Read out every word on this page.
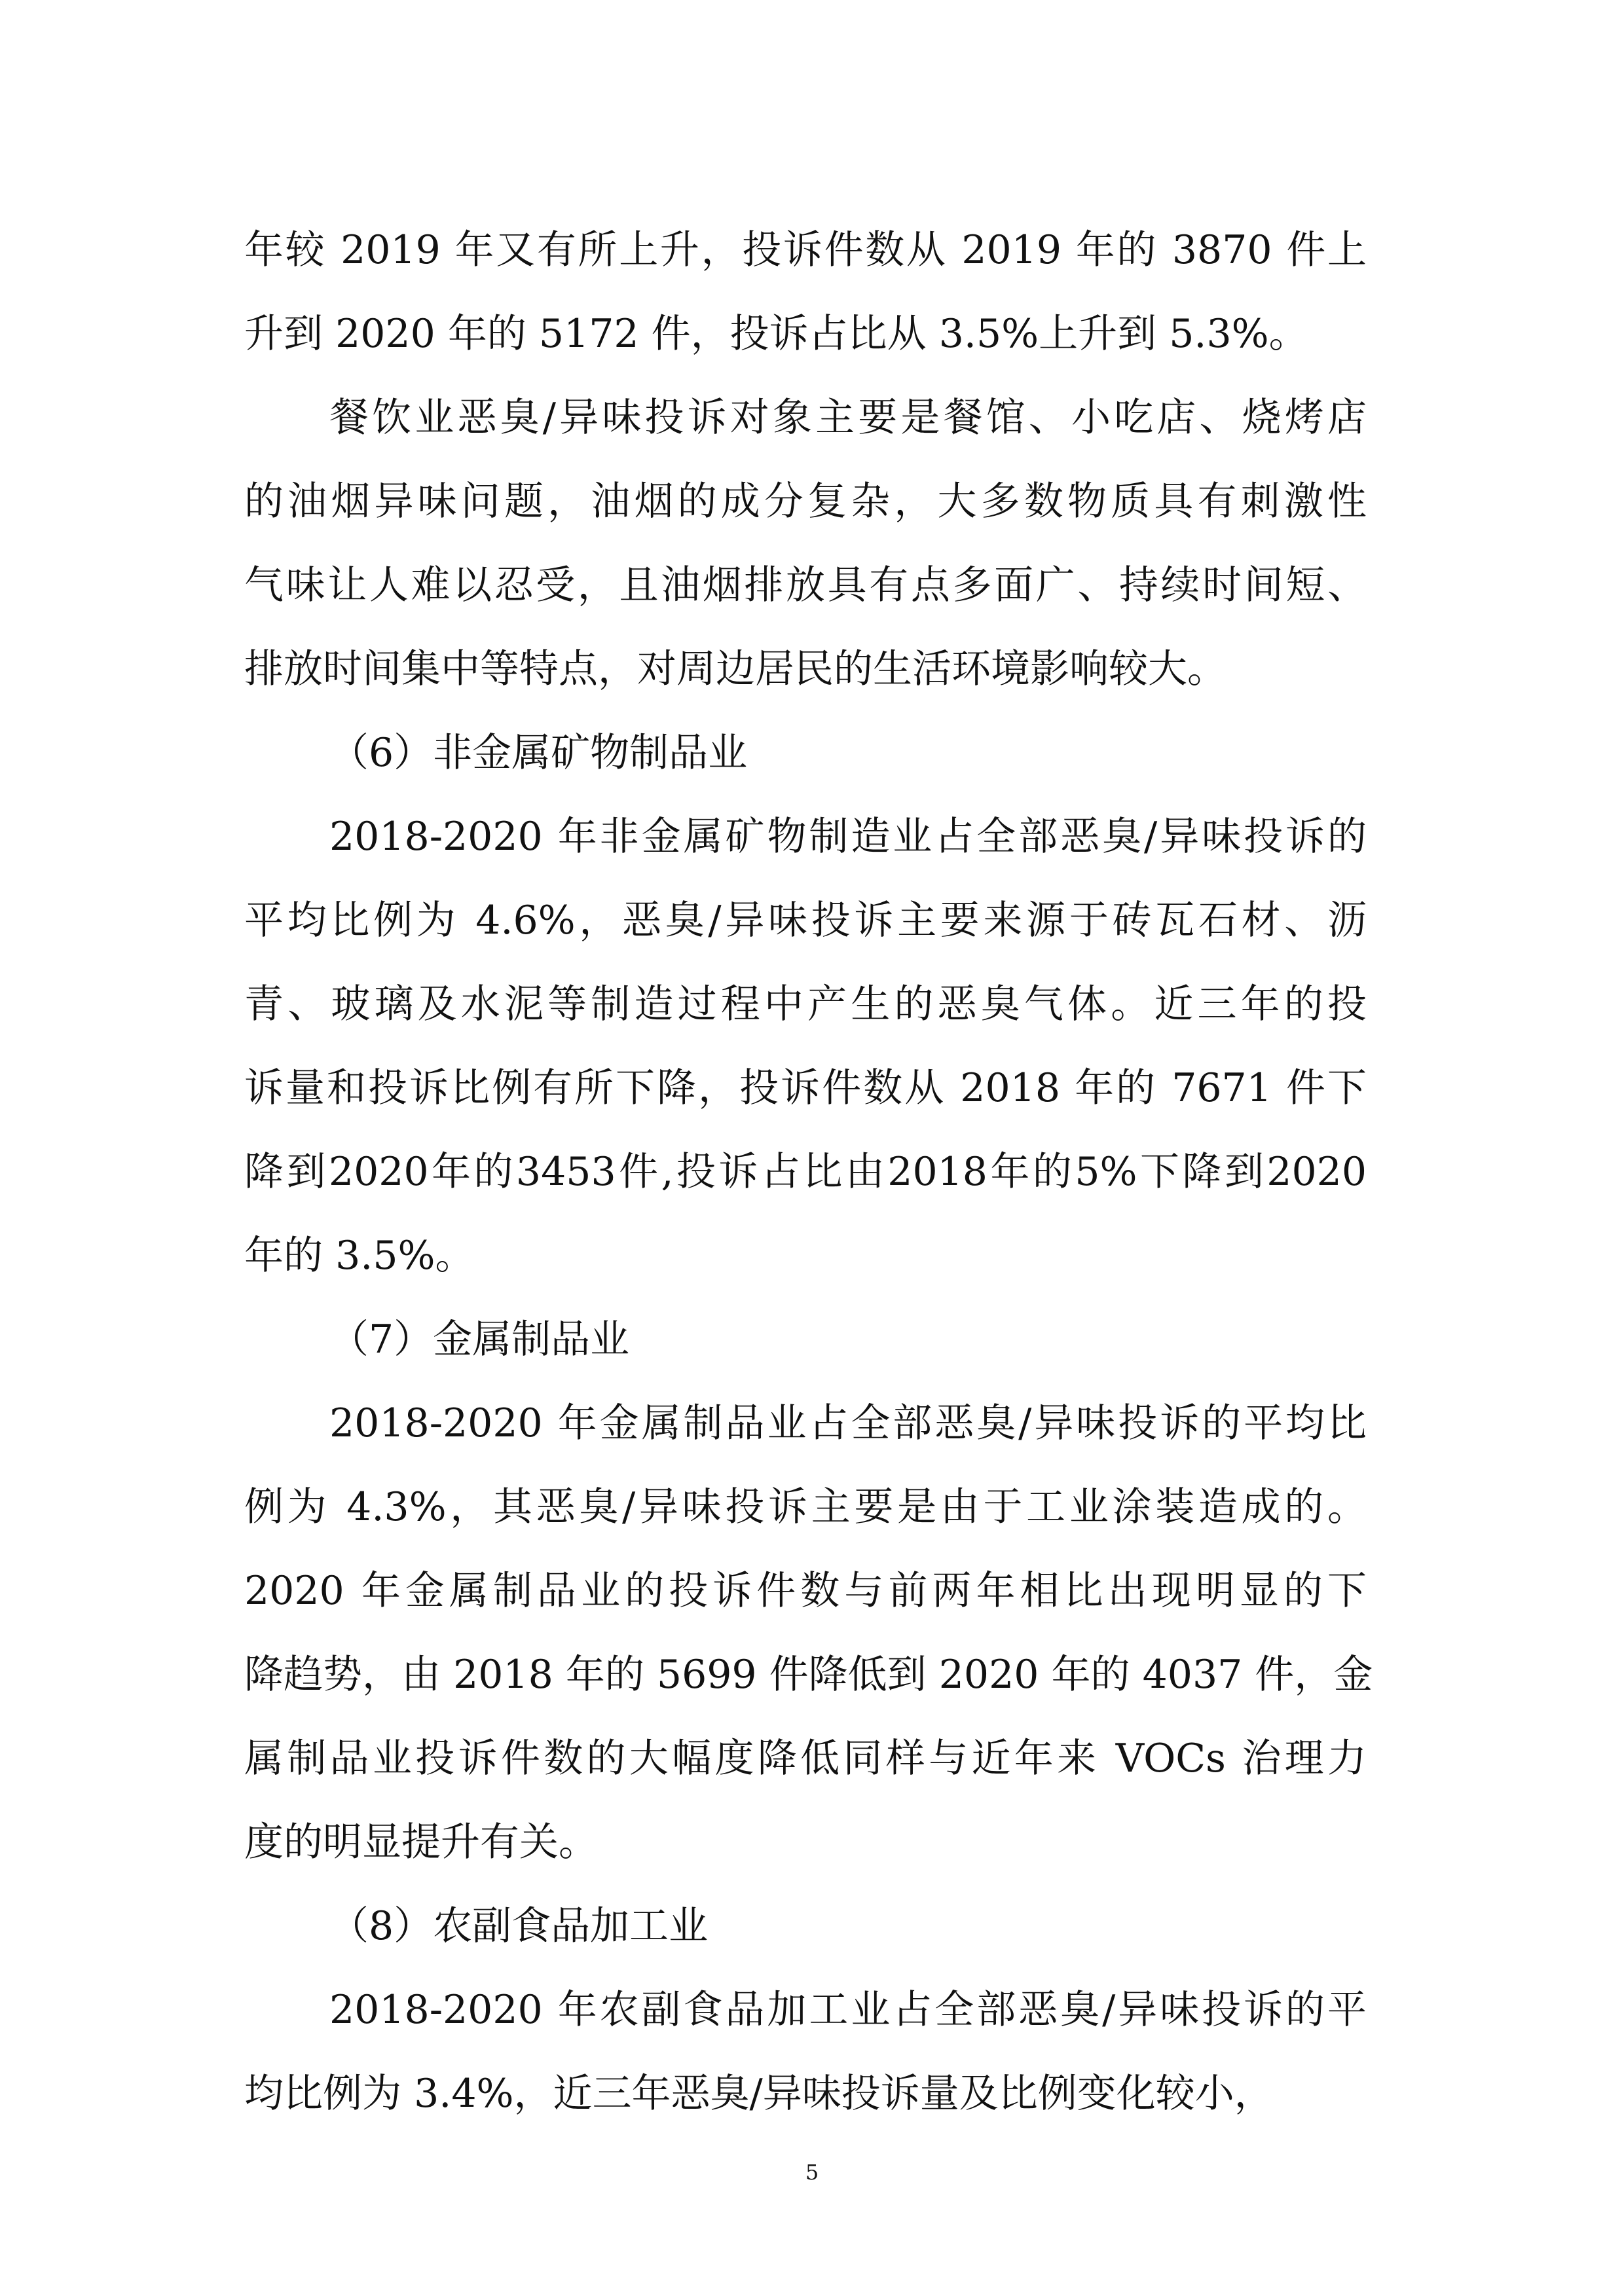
年较 2019 年又有所上升，投诉件数从 2019 年的 3870 件上
升到 2020 年的 5172 件，投诉占比从 3.5%上升到 5.3%。
餐饮业恶臭/异味投诉对象主要是餐馆、小吃店、烧烤店
的油烟异味问题，油烟的成分复杂，大多数物质具有刺激性
气味让人难以忍受，且油烟排放具有点多面广、持续时间短、
排放时间集中等特点，对周边居民的生活环境影响较大。
（6）非金属矿物制品业
2018-2020 年非金属矿物制造业占全部恶臭/异味投诉的
平均比例为 4.6%，恶臭/异味投诉主要来源于砖瓦石材、沥
青、玻璃及水泥等制造过程中产生的恶臭气体。近三年的投
诉量和投诉比例有所下降，投诉件数从 2018 年的 7671 件下
降到2020年的3453件,投诉占比由2018年的5%下降到2020
年的 3.5%。
（7）金属制品业
2018-2020 年金属制品业占全部恶臭/异味投诉的平均比
例为 4.3%，其恶臭/异味投诉主要是由于工业涂装造成的。
2020 年金属制品业的投诉件数与前两年相比出现明显的下
降趋势，由 2018 年的 5699 件降低到 2020 年的 4037 件，金
属制品业投诉件数的大幅度降低同样与近年来 VOCs 治理力
度的明显提升有关。
（8）农副食品加工业
2018-2020 年农副食品加工业占全部恶臭/异味投诉的平
均比例为 3.4%，近三年恶臭/异味投诉量及比例变化较小，
5
